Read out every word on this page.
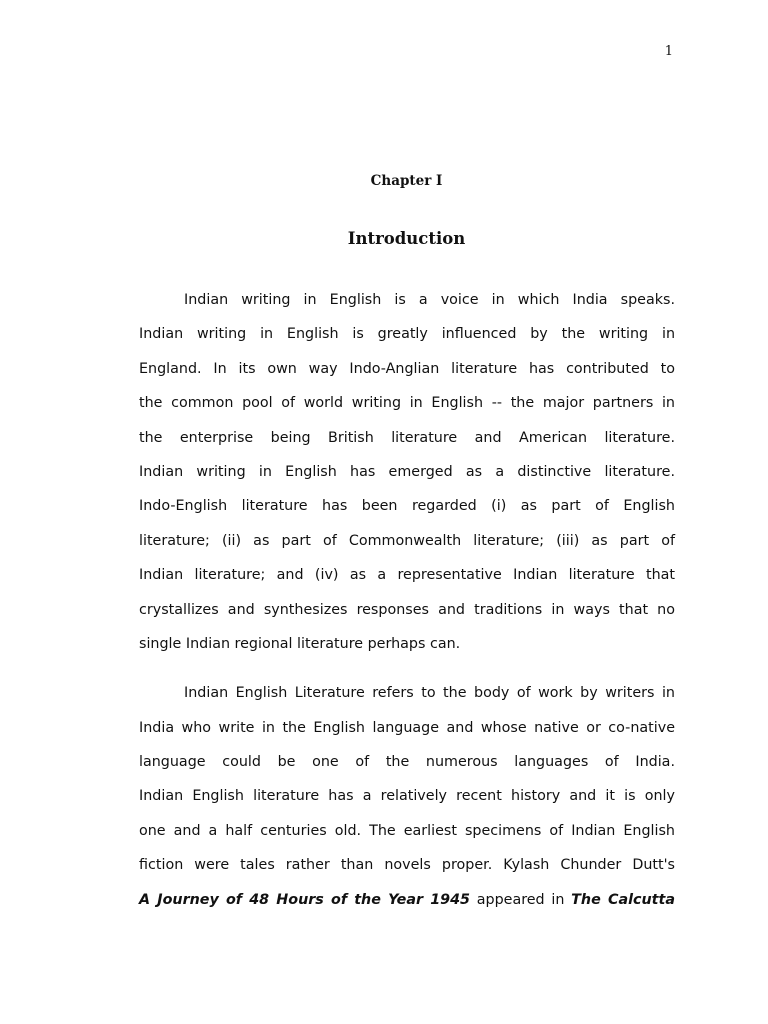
1
Chapter I
Introduction
Indian writing in English is a voice in which India speaks.
Indian writing in English is greatly influenced by the writing in
England. In its own way Indo-Anglian literature has contributed to
the common pool of world writing in English -- the major partners in
the enterprise being British literature and American literature.
Indian writing in English has emerged as a distinctive literature.
Indo-English literature has been regarded (i) as part of English
literature; (ii) as part of Commonwealth literature; (iii) as part of
Indian literature; and (iv) as a representative Indian literature that
crystallizes and synthesizes responses and traditions in ways that no
single Indian regional literature perhaps can.
Indian English Literature refers to the body of work by writers in
India who write in the English language and whose native or co-native
language could be one of the numerous languages of India.
Indian English literature has a relatively recent history and it is only
one and a half centuries old. The earliest specimens of Indian English
fiction were tales rather than novels proper. Kylash Chunder Dutt's
A Journey of 48 Hours of the Year 1945 appeared in The Calcutta
